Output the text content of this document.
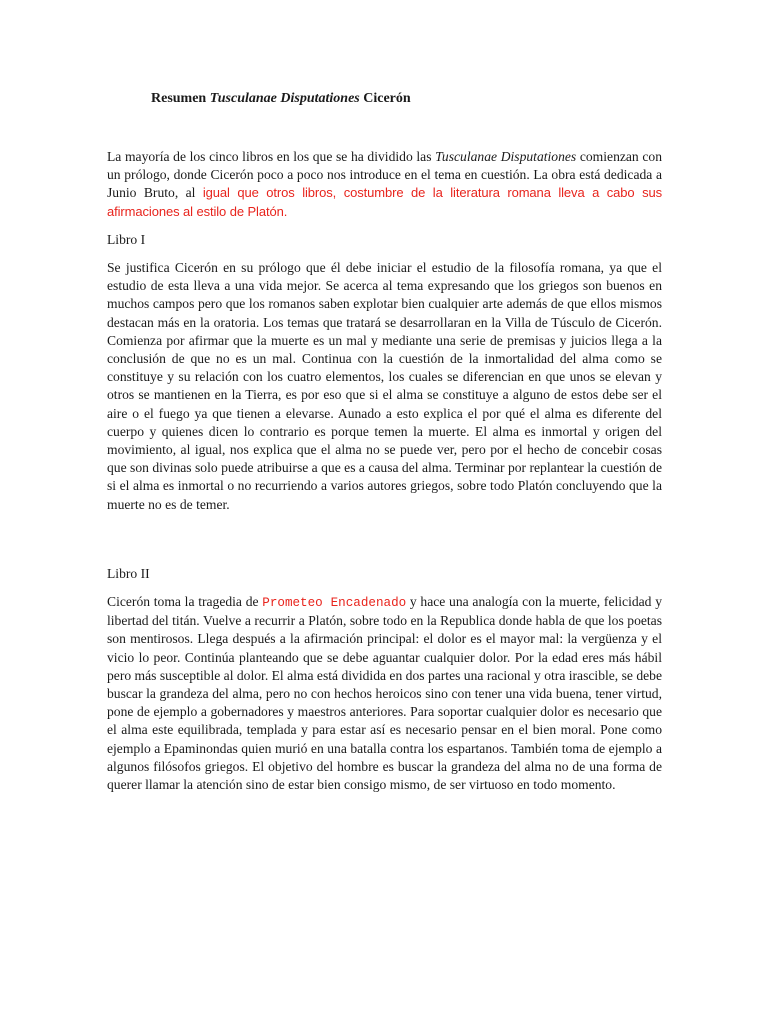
Resumen Tusculanae Disputationes Cicerón

La mayoría de los cinco libros en los que se ha dividido las Tusculanae Disputationes comienzan con un prólogo, donde Cicerón poco a poco nos introduce en el tema en cuestión. La obra está dedicada a Junio Bruto, al igual que otros libros, costumbre de la literatura romana lleva a cabo sus afirmaciones al estilo de Platón.

Libro I

Se justifica Cicerón en su prólogo que él debe iniciar el estudio de la filosofía romana, ya que el estudio de esta lleva a una vida mejor. Se acerca al tema expresando que los griegos son buenos en muchos campos pero que los romanos saben explotar bien cualquier arte además de que ellos mismos destacan más en la oratoria. Los temas que tratará se desarrollaran en la Villa de Túsculo de Cicerón. Comienza por afirmar que la muerte es un mal y mediante una serie de premisas y juicios llega a la conclusión de que no es un mal. Continua con la cuestión de la inmortalidad del alma como se constituye y su relación con los cuatro elementos, los cuales se diferencian en que unos se elevan y otros se mantienen en la Tierra, es por eso que si el alma se constituye a alguno de estos debe ser el aire o el fuego ya que tienen a elevarse. Aunado a esto explica el por qué el alma es diferente del cuerpo y quienes dicen lo contrario es porque temen la muerte. El alma es inmortal y origen del movimiento, al igual, nos explica que el alma no se puede ver, pero por el hecho de concebir cosas que son divinas solo puede atribuirse a que es a causa del alma. Terminar por replantear la cuestión de si el alma es inmortal o no recurriendo a varios autores griegos, sobre todo Platón concluyendo que la muerte no es de temer.

Libro II

Cicerón toma la tragedia de Prometeo Encadenado y hace una analogía con la muerte, felicidad y libertad del titán. Vuelve a recurrir a Platón, sobre todo en la Republica donde habla de que los poetas son mentirosos. Llega después a la afirmación principal: el dolor es el mayor mal: la vergüenza y el vicio lo peor. Continúa planteando que se debe aguantar cualquier dolor. Por la edad eres más hábil pero más susceptible al dolor. El alma está dividida en dos partes una racional y otra irascible, se debe buscar la grandeza del alma, pero no con hechos heroicos sino con tener una vida buena, tener virtud, pone de ejemplo a gobernadores y maestros anteriores. Para soportar cualquier dolor es necesario que el alma este equilibrada, templada y para estar así es necesario pensar en el bien moral. Pone como ejemplo a Epaminondas quien murió en una batalla contra los espartanos. También toma de ejemplo a algunos filósofos griegos. El objetivo del hombre es buscar la grandeza del alma no de una forma de querer llamar la atención sino de estar bien consigo mismo, de ser virtuoso en todo momento.
